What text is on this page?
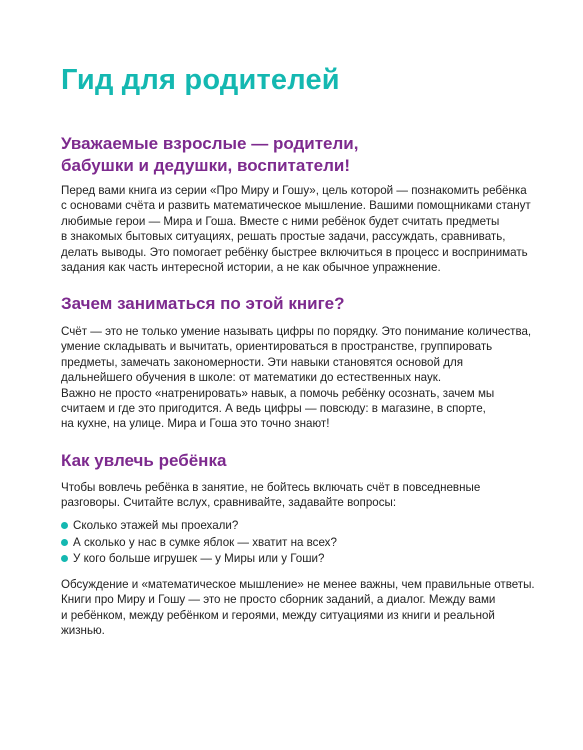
Гид для родителей
Уважаемые взрослые — родители,
бабушки и дедушки, воспитатели!

Перед вами книга из серии «Про Миру и Гошу», цель которой — познакомить ребёнка
с основами счёта и развить математическое мышление. Вашими помощниками станут
любимые герои — Мира и Гоша. Вместе с ними ребёнок будет считать предметы
в знакомых бытовых ситуациях, решать простые задачи, рассуждать, сравнивать,
делать выводы. Это помогает ребёнку быстрее включиться в процесс и воспринимать
задания как часть интересной истории, а не как обычное упражнение.

Зачем заниматься по этой книге?

Счёт — это не только умение называть цифры по порядку. Это понимание количества,
умение складывать и вычитать, ориентироваться в пространстве, группировать
предметы, замечать закономерности. Эти навыки становятся основой для
дальнейшего обучения в школе: от математики до естественных наук.
Важно не просто «натренировать» навык, а помочь ребёнку осознать, зачем мы
считаем и где это пригодится. А ведь цифры — повсюду: в магазине, в спорте,
на кухне, на улице. Мира и Гоша это точно знают!

Как увлечь ребёнка

Чтобы вовлечь ребёнка в занятие, не бойтесь включать счёт в повседневные
разговоры. Считайте вслух, сравнивайте, задавайте вопросы:

Сколько этажей мы проехали?
А сколько у нас в сумке яблок — хватит на всех?
У кого больше игрушек — у Миры или у Гоши?

Обсуждение и «математическое мышление» не менее важны, чем правильные ответы.
Книги про Миру и Гошу — это не просто сборник заданий, а диалог. Между вами
и ребёнком, между ребёнком и героями, между ситуациями из книги и реальной
жизнью.
